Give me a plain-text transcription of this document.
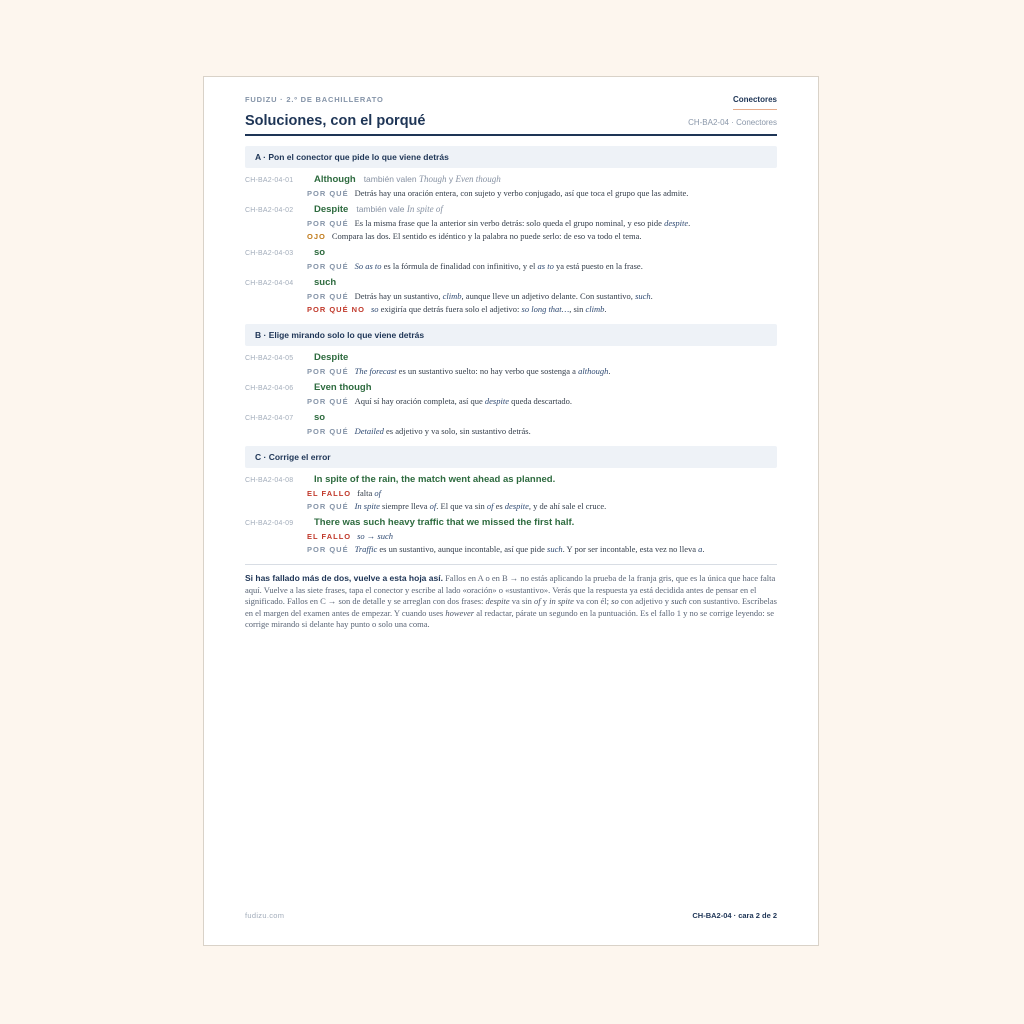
FUDIZU · 2.º DE BACHILLERATO	Conectores
Soluciones, con el porqué	CH-BA2-04 · Conectores
A · Pon el conector que pide lo que viene detrás
CH-BA2-04-01	Although también valen Though y Even though
POR QUÉ Detrás hay una oración entera, con sujeto y verbo conjugado, así que toca el grupo que las admite.
CH-BA2-04-02	Despite también vale In spite of
POR QUÉ Es la misma frase que la anterior sin verbo detrás: solo queda el grupo nominal, y eso pide despite.
OJO Compara las dos. El sentido es idéntico y la palabra no puede serlo: de eso va todo el tema.
CH-BA2-04-03	so
POR QUÉ So as to es la fórmula de finalidad con infinitivo, y el as to ya está puesto en la frase.
CH-BA2-04-04	such
POR QUÉ Detrás hay un sustantivo, climb, aunque lleve un adjetivo delante. Con sustantivo, such.
POR QUÉ NO so exigiría que detrás fuera solo el adjetivo: so long that…, sin climb.
B · Elige mirando solo lo que viene detrás
CH-BA2-04-05	Despite
POR QUÉ The forecast es un sustantivo suelto: no hay verbo que sostenga a although.
CH-BA2-04-06	Even though
POR QUÉ Aquí sí hay oración completa, así que despite queda descartado.
CH-BA2-04-07	so
POR QUÉ Detailed es adjetivo y va solo, sin sustantivo detrás.
C · Corrige el error
CH-BA2-04-08	In spite of the rain, the match went ahead as planned.
EL FALLO falta of
POR QUÉ In spite siempre lleva of. El que va sin of es despite, y de ahí sale el cruce.
CH-BA2-04-09	There was such heavy traffic that we missed the first half.
EL FALLO so → such
POR QUÉ Traffic es un sustantivo, aunque incontable, así que pide such. Y por ser incontable, esta vez no lleva a.
Si has fallado más de dos, vuelve a esta hoja así. Fallos en A o en B → no estás aplicando la prueba de la franja gris, que es la única que hace falta aquí. Vuelve a las siete frases, tapa el conector y escribe al lado «oración» o «sustantivo». Verás que la respuesta ya está decidida antes de pensar en el significado. Fallos en C → son de detalle y se arreglan con dos frases: despite va sin of y in spite va con él; so con adjetivo y such con sustantivo. Escríbelas en el margen del examen antes de empezar. Y cuando uses however al redactar, párate un segundo en la puntuación. Es el fallo 1 y no se corrige leyendo: se corrige mirando si delante hay punto o solo una coma.
fudizu.com	CH-BA2-04 · cara 2 de 2
